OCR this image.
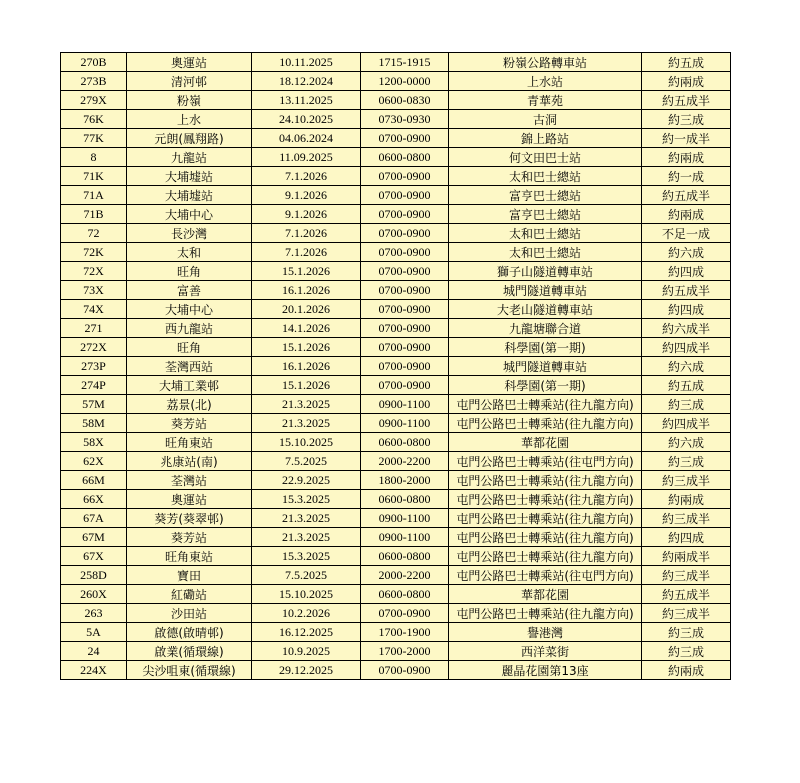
270B	奧運站	10.11.2025	1715-1915	粉嶺公路轉車站	約五成
273B	清河邨	18.12.2024	1200-0000	上水站	約兩成
279X	粉嶺	13.11.2025	0600-0830	青華苑	約五成半
76K	上水	24.10.2025	0730-0930	古洞	約三成
77K	元朗(鳳翔路)	04.06.2024	0700-0900	錦上路站	約一成半
8	九龍站	11.09.2025	0600-0800	何文田巴士站	約兩成
71K	大埔墟站	7.1.2026	0700-0900	太和巴士總站	約一成
71A	大埔墟站	9.1.2026	0700-0900	富亨巴士總站	約五成半
71B	大埔中心	9.1.2026	0700-0900	富亨巴士總站	約兩成
72	長沙灣	7.1.2026	0700-0900	太和巴士總站	不足一成
72K	太和	7.1.2026	0700-0900	太和巴士總站	約六成
72X	旺角	15.1.2026	0700-0900	獅子山隧道轉車站	約四成
73X	富善	16.1.2026	0700-0900	城門隧道轉車站	約五成半
74X	大埔中心	20.1.2026	0700-0900	大老山隧道轉車站	約四成
271	西九龍站	14.1.2026	0700-0900	九龍塘聯合道	約六成半
272X	旺角	15.1.2026	0700-0900	科學園(第一期)	約四成半
273P	荃灣西站	16.1.2026	0700-0900	城門隧道轉車站	約六成
274P	大埔工業邨	15.1.2026	0700-0900	科學園(第一期)	約五成
57M	荔景(北)	21.3.2025	0900-1100	屯門公路巴士轉乘站(往九龍方向)	約三成
58M	葵芳站	21.3.2025	0900-1100	屯門公路巴士轉乘站(往九龍方向)	約四成半
58X	旺角東站	15.10.2025	0600-0800	華都花園	約六成
62X	兆康站(南)	7.5.2025	2000-2200	屯門公路巴士轉乘站(往屯門方向)	約三成
66M	荃灣站	22.9.2025	1800-2000	屯門公路巴士轉乘站(往九龍方向)	約三成半
66X	奧運站	15.3.2025	0600-0800	屯門公路巴士轉乘站(往九龍方向)	約兩成
67A	葵芳(葵翠邨)	21.3.2025	0900-1100	屯門公路巴士轉乘站(往九龍方向)	約三成半
67M	葵芳站	21.3.2025	0900-1100	屯門公路巴士轉乘站(往九龍方向)	約四成
67X	旺角東站	15.3.2025	0600-0800	屯門公路巴士轉乘站(往九龍方向)	約兩成半
258D	寶田	7.5.2025	2000-2200	屯門公路巴士轉乘站(往屯門方向)	約三成半
260X	紅磡站	15.10.2025	0600-0800	華都花園	約五成半
263	沙田站	10.2.2026	0700-0900	屯門公路巴士轉乘站(往九龍方向)	約三成半
5A	啟德(啟晴邨)	16.12.2025	1700-1900	譽港灣	約三成
24	啟業(循環線)	10.9.2025	1700-2000	西洋菜街	約三成
224X	尖沙咀東(循環線)	29.12.2025	0700-0900	麗晶花園第13座	約兩成
